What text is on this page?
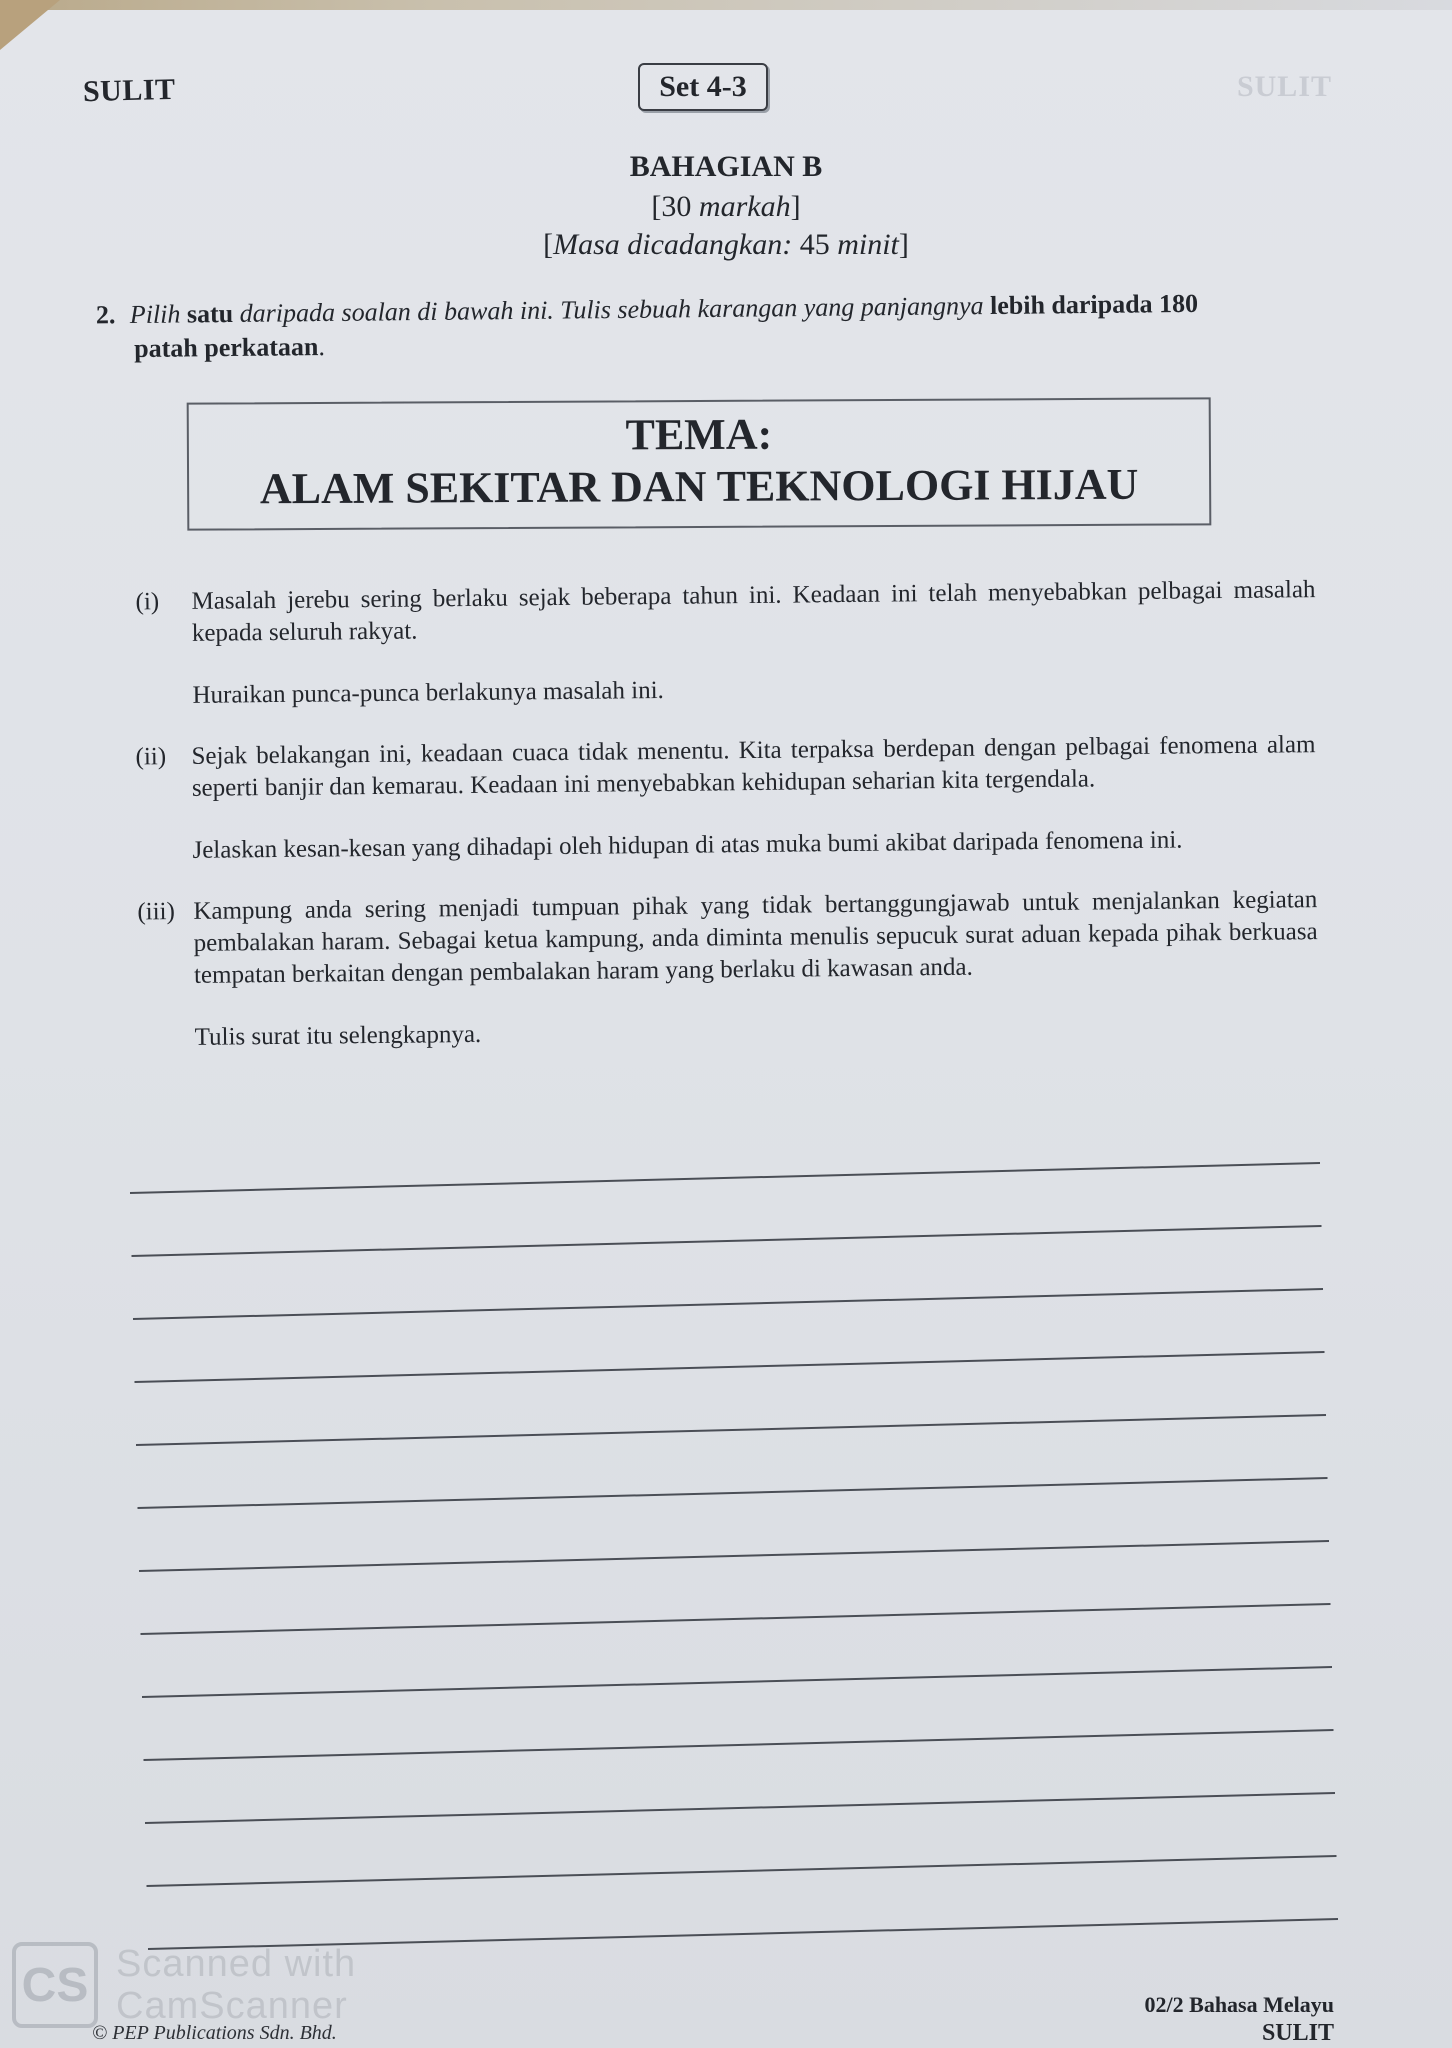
SULIT	SULIT
Set 4-3
BAHAGIAN B
[30 markah]
[Masa dicadangkan: 45 minit]
2. Pilih satu daripada soalan di bawah ini. Tulis sebuah karangan yang panjangnya lebih daripada 180
patah perkataan.
TEMA:
ALAM SEKITAR DAN TEKNOLOGI HIJAU
(i) Masalah jerebu sering berlaku sejak beberapa tahun ini. Keadaan ini telah menyebabkan pelbagai masalah kepada seluruh rakyat.

Huraikan punca-punca berlakunya masalah ini.

(ii) Sejak belakangan ini, keadaan cuaca tidak menentu. Kita terpaksa berdepan dengan pelbagai fenomena alam seperti banjir dan kemarau. Keadaan ini menyebabkan kehidupan seharian kita tergendala.

Jelaskan kesan-kesan yang dihadapi oleh hidupan di atas muka bumi akibat daripada fenomena ini.

(iii) Kampung anda sering menjadi tumpuan pihak yang tidak bertanggungjawab untuk menjalankan kegiatan pembalakan haram. Sebagai ketua kampung, anda diminta menulis sepucuk surat aduan kepada pihak berkuasa tempatan berkaitan dengan pembalakan haram yang berlaku di kawasan anda.

Tulis surat itu selengkapnya.

CS Scanned with
CamScanner
© PEP Publications Sdn. Bhd.
02/2 Bahasa Melayu
SULIT
